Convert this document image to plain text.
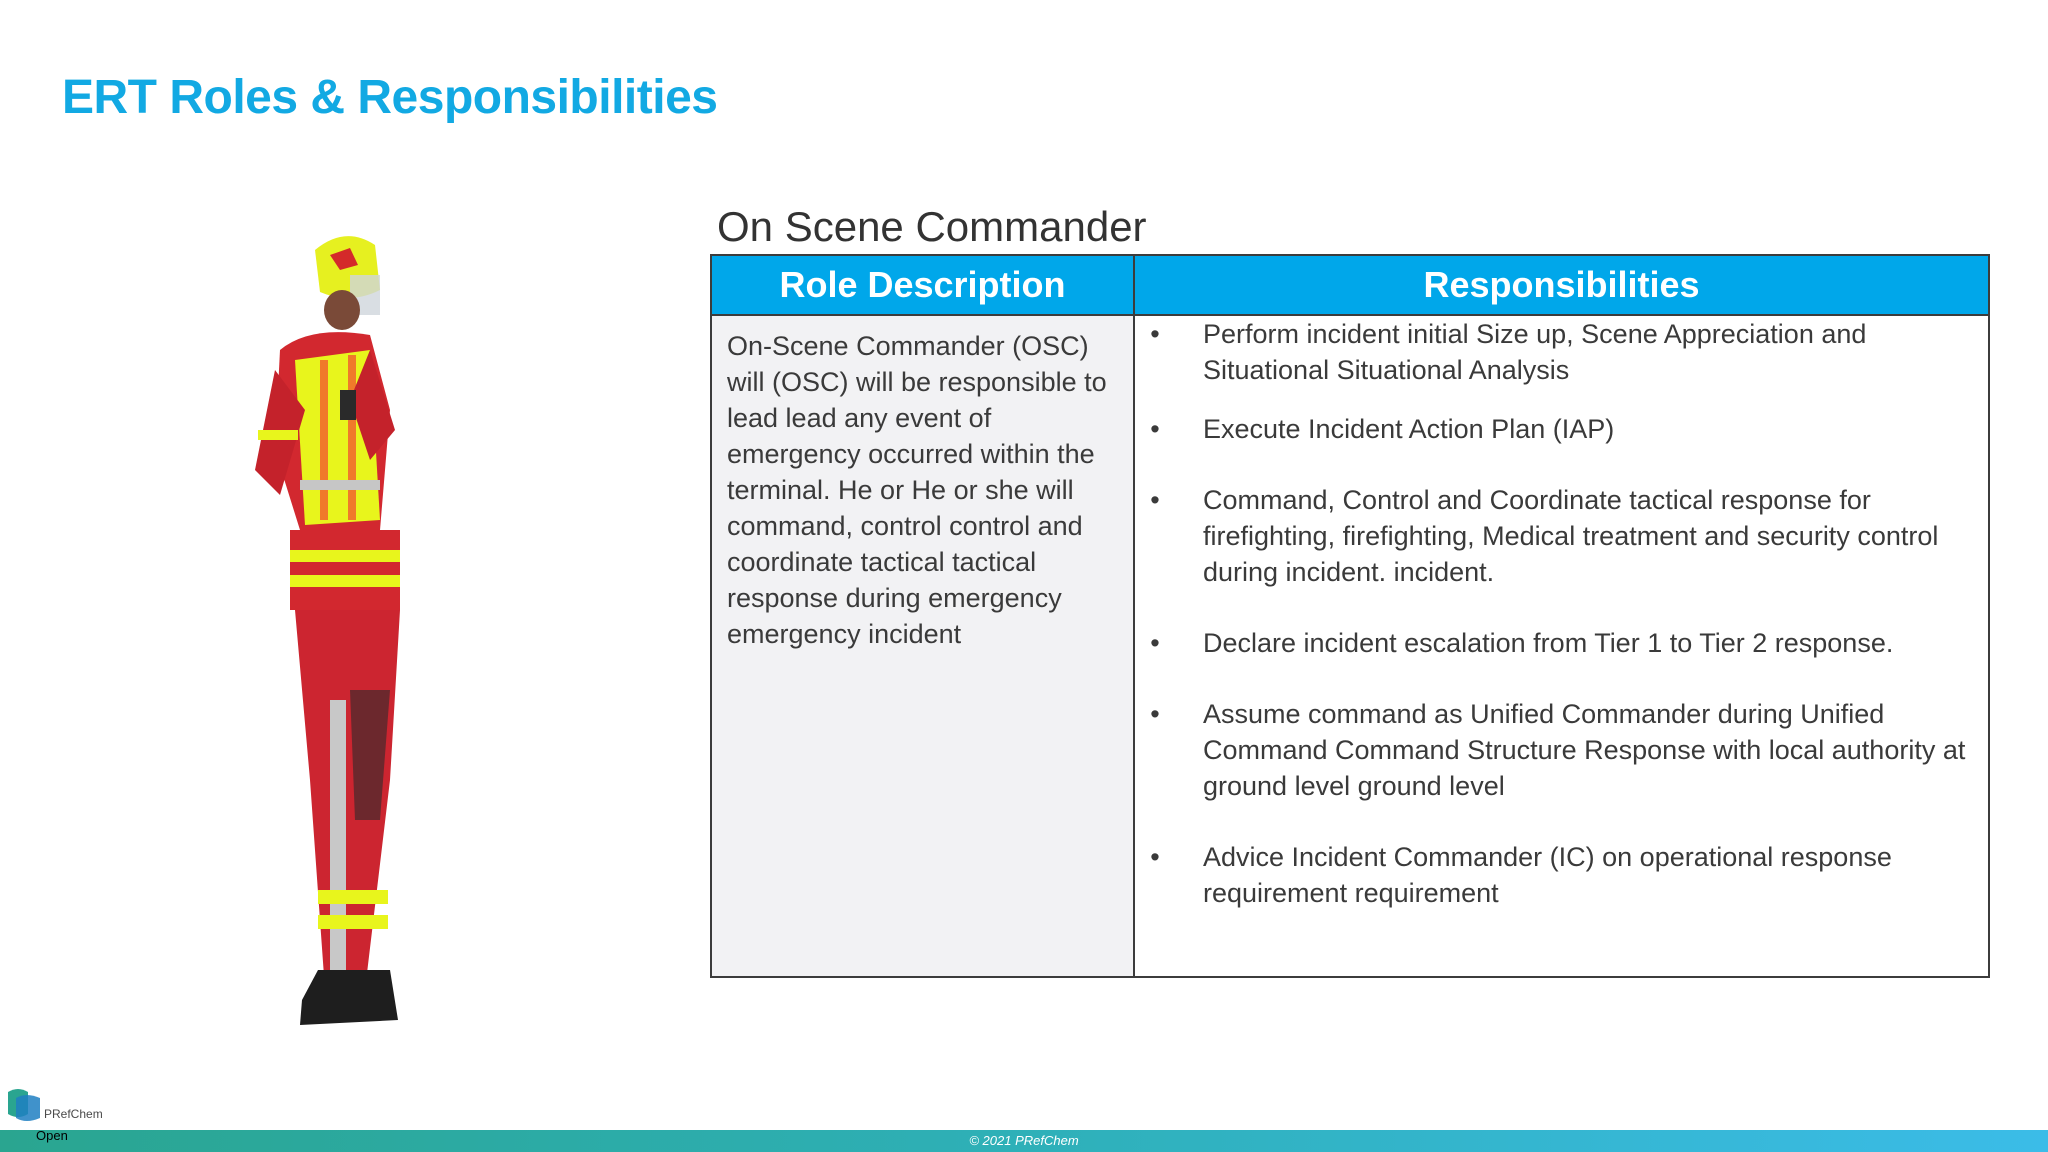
ERT Roles & Responsibilities
On Scene Commander
Role Description	Responsibilities
On-Scene Commander (OSC) will (OSC) will be responsible to lead lead any event of emergency occurred within the terminal. He or He or she will command, control control and coordinate tactical tactical response during emergency emergency incident
• Perform incident initial Size up, Scene Appreciation and Situational Situational Analysis
• Execute Incident Action Plan (IAP)
• Command, Control and Coordinate tactical response for firefighting, firefighting, Medical treatment and security control during incident. incident.
• Declare incident escalation from Tier 1 to Tier 2 response.
• Assume command as Unified Commander during Unified Command Command Structure Response with local authority at ground level ground level
• Advice Incident Commander (IC) on operational response requirement requirement
PRefChem
© 2021 PRefChem
Open
